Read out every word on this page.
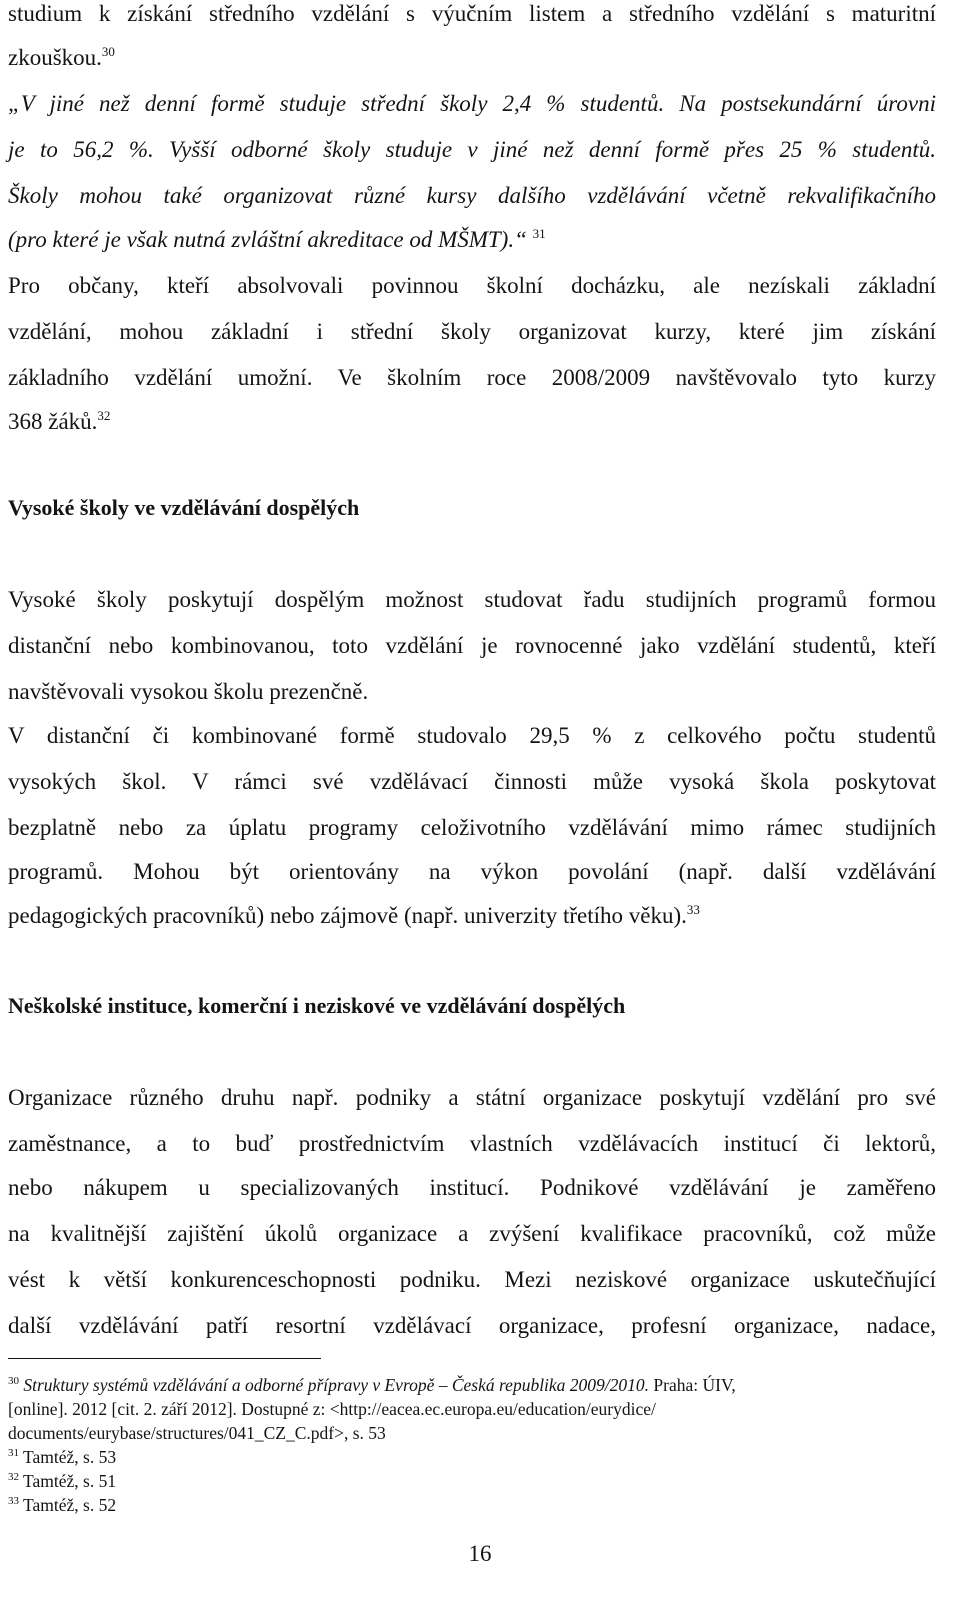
studium k získání středního vzdělání s výučním listem a středního vzdělání s maturitní
zkouškou.$^{30}$
„V jiné než denní formě studuje střední školy 2,4 % studentů. Na postsekundární úrovni
je to 56,2 %. Vyšší odborné školy studuje v jiné než denní formě přes 25 % studentů.
Školy mohou také organizovat různé kursy dalšího vzdělávání včetně rekvalifikačního
(pro které je však nutná zvláštní akreditace od MŠMT).“ $^{31}$
Pro občany, kteří absolvovali povinnou školní docházku, ale nezískali základní
vzdělání, mohou základní i střední školy organizovat kurzy, které jim získání
základního vzdělání umožní. Ve školním roce 2008/2009 navštěvovalo tyto kurzy
368 žáků.$^{32}$
Vysoké školy ve vzdělávání dospělých
Vysoké školy poskytují dospělým možnost studovat řadu studijních programů formou
distanční nebo kombinovanou, toto vzdělání je rovnocenné jako vzdělání studentů, kteří
navštěvovali vysokou školu prezenčně.
V distanční či kombinované formě studovalo 29,5 % z celkového počtu studentů
vysokých škol. V rámci své vzdělávací činnosti může vysoká škola poskytovat
bezplatně nebo za úplatu programy celoživotního vzdělávání mimo rámec studijních
programů. Mohou být orientovány na výkon povolání (např. další vzdělávání
pedagogických pracovníků) nebo zájmově (např. univerzity třetího věku).$^{33}$
Neškolské instituce, komerční i neziskové ve vzdělávání dospělých
Organizace různého druhu např. podniky a státní organizace poskytují vzdělání pro své
zaměstnance, a to buď prostřednictvím vlastních vzdělávacích institucí či lektorů,
nebo nákupem u specializovaných institucí. Podnikové vzdělávání je zaměřeno
na kvalitnější zajištění úkolů organizace a zvýšení kvalifikace pracovníků, což může
vést k větší konkurenceschopnosti podniku. Mezi neziskové organizace uskutečňující
další vzdělávání patří resortní vzdělávací organizace, profesní organizace, nadace,
$^{30}$ Struktury systémů vzdělávání a odborné přípravy v Evropě – Česká republika 2009/2010. Praha: ÚIV,
[online]. 2012 [cit. 2. září 2012]. Dostupné z: <http://eacea.ec.europa.eu/education/eurydice/
documents/eurybase/structures/041_CZ_C.pdf>, s. 53
$^{31}$ Tamtéž, s. 53
$^{32}$ Tamtéž, s. 51
$^{33}$ Tamtéž, s. 52
16
